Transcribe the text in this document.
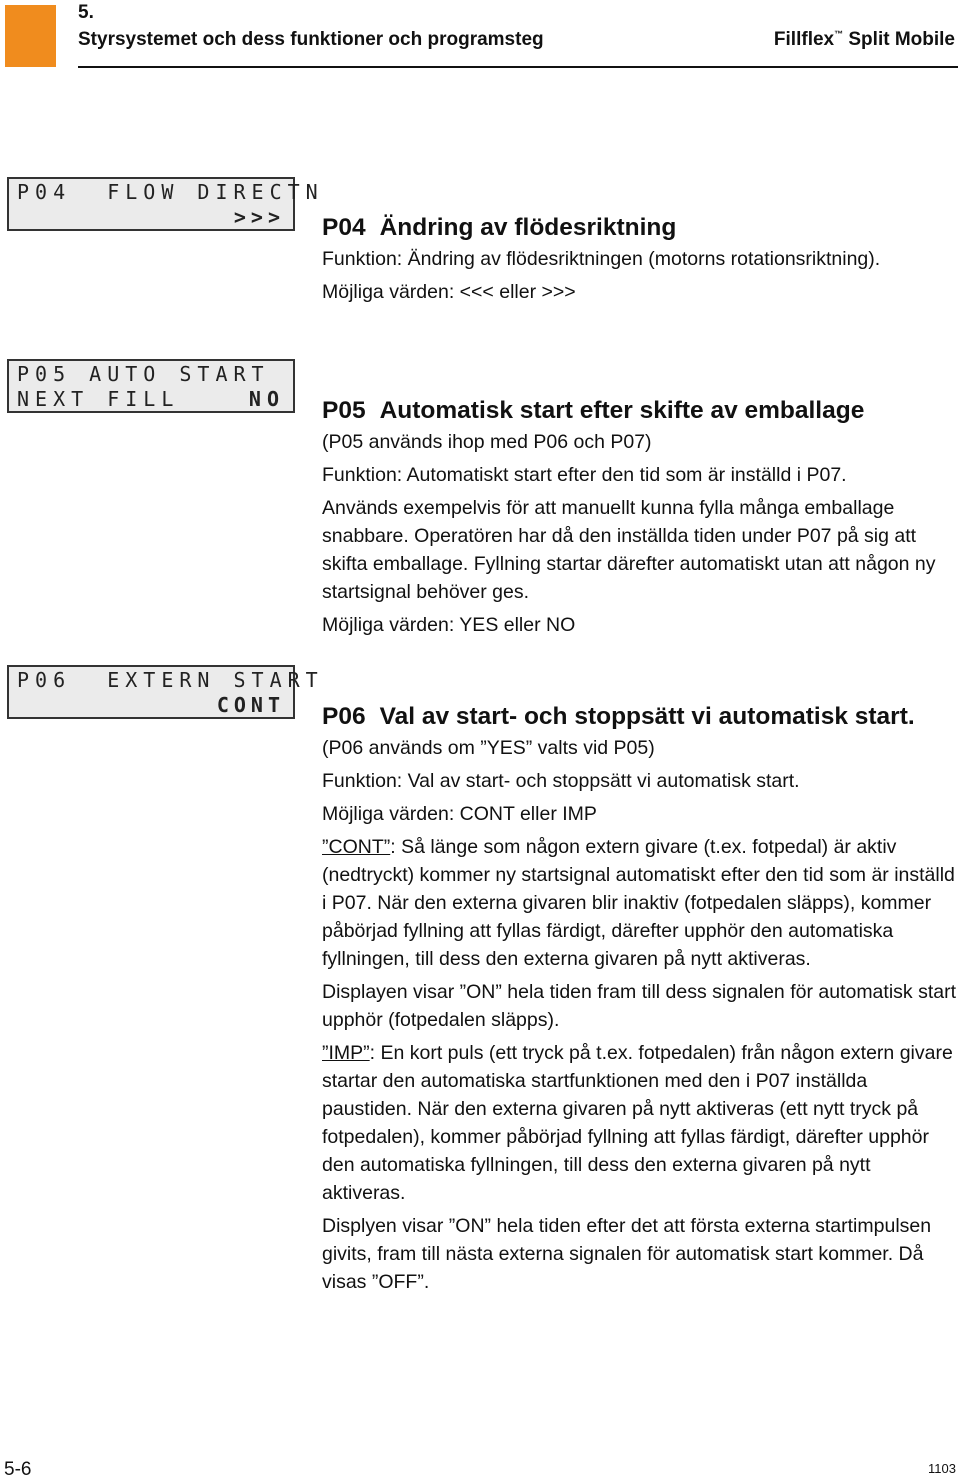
5.
Styrsystemet och dess funktioner och programsteg	Fillflex™ Split Mobile
P04  FLOW DIRECTN
>>>
P05 AUTO START
NEXT FILL	NO
P06  EXTERN START
CONT
P04 Ändring av flödesriktning

Funktion: Ändring av flödesriktningen (motorns rotationsriktning).

Möjliga värden: <<< eller >>>

P05 Automatisk start efter skifte av emballage

(P05 används ihop med P06 och P07)

Funktion: Automatiskt start efter den tid som är inställd i P07.

Används exempelvis för att manuellt kunna fylla många emballage snabbare. Operatören har då den inställda tiden under P07 på sig att skifta emballage. Fyllning startar därefter automatiskt utan att någon ny startsignal behöver ges.

Möjliga värden: YES eller NO

P06 Val av start- och stoppsätt vi automatisk start.

(P06 används om ”YES” valts vid P05)

Funktion: Val av start- och stoppsätt vi automatisk start.

Möjliga värden: CONT eller IMP

”CONT”: Så länge som någon extern givare (t.ex. fotpedal) är aktiv (nedtryckt) kommer ny startsignal automatiskt efter den tid som är inställd i P07. När den externa givaren blir inaktiv (fotpedalen släpps), kommer påbörjad fyllning att fyllas färdigt, därefter upphör den automatiska fyllningen, till dess den externa givaren på nytt aktiveras.

Displayen visar ”ON” hela tiden fram till dess signalen för automatisk start upphör (fotpedalen släpps).

”IMP”: En kort puls (ett tryck på t.ex. fotpedalen) från någon extern givare startar den automatiska startfunktionen med den i P07 inställda paustiden. När den externa givaren på nytt aktiveras (ett nytt tryck på fotpedalen), kommer påbörjad fyllning att fyllas färdigt, därefter upphör den automatiska fyllningen, till dess den externa givaren på nytt aktiveras.

Displyen visar ”ON” hela tiden efter det att första externa startimpulsen givits, fram till nästa externa signalen för automatisk start kommer. Då visas ”OFF”.

5-6	1103
